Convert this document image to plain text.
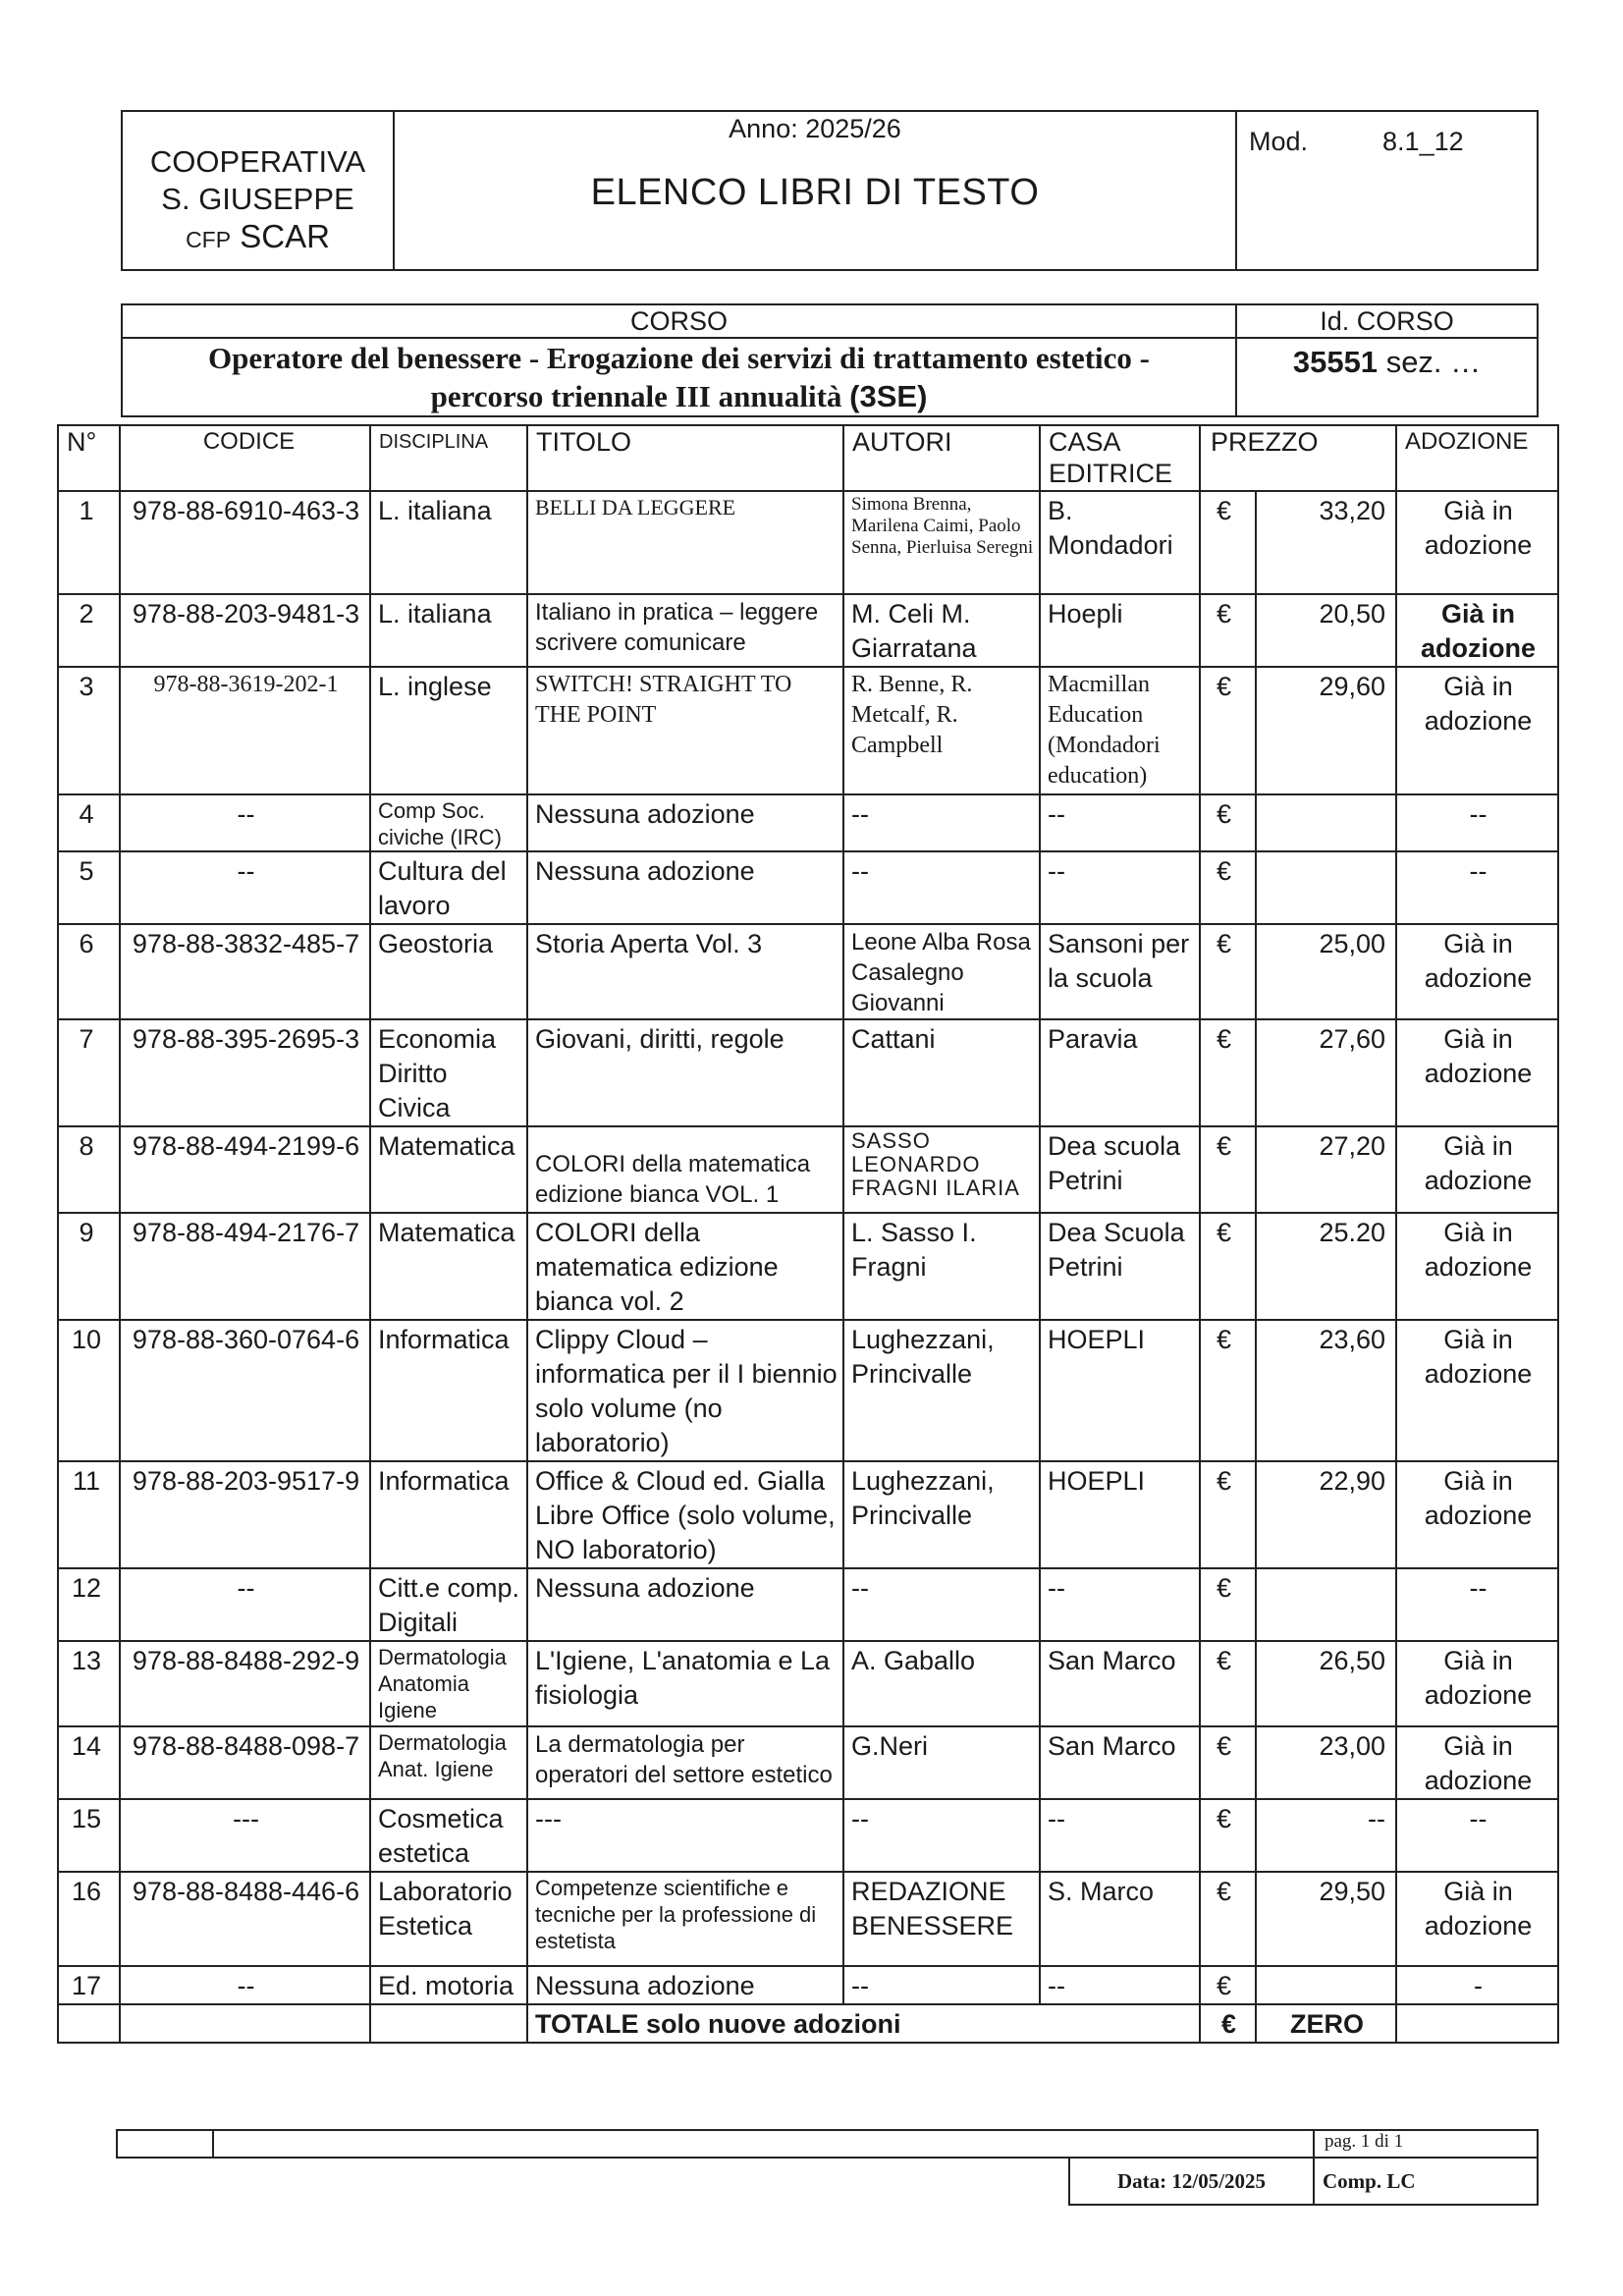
COOPERATIVA
S. GIUSEPPE
CFP SCAR

Anno: 2025/26
ELENCO LIBRI DI TESTO
	Mod.	8.1_12
CORSO	Id. CORSO

Operatore del benessere - Erogazione dei servizi di trattamento estetico -
percorso triennale III annualità (3SE)	35551 sez. …
N°	CODICE	DISCIPLINA	TITOLO	AUTORI	CASA
EDITRICE	PREZZO		ADOZIONE
1	978-88-6910-463-3	L. italiana	BELLI DA LEGGERE	Simona Brenna, Marilena Caimi, Paolo Senna, Pierluisa Seregni	B. Mondadori	€	33,20	Già in adozione
2	978-88-203-9481-3	L. italiana	Italiano in pratica – leggere scrivere comunicare	M. Celi M. Giarratana	Hoepli	€	20,50	Già in adozione
3	978-88-3619-202-1	L. inglese	SWITCH! STRAIGHT TO THE POINT	R. Benne, R. Metcalf, R. Campbell	Macmillan Education (Mondadori education)	€	29,60	Già in adozione
4	--	Comp Soc. civiche (IRC)	Nessuna adozione	--	--	€		--
5	--	Cultura del lavoro	Nessuna adozione	--	--	€		--
6	978-88-3832-485-7	Geostoria	Storia Aperta Vol. 3	Leone Alba Rosa Casalegno Giovanni	Sansoni per la scuola	€	25,00	Già in adozione
7	978-88-395-2695-3	Economia Diritto Civica	Giovani, diritti, regole	Cattani	Paravia	€	27,60	Già in adozione
8	978-88-494-2199-6	Matematica	COLORI della matematica edizione bianca VOL. 1	SASSO LEONARDO FRAGNI ILARIA	Dea scuola Petrini	€	27,20	Già in adozione
9	978-88-494-2176-7	Matematica	COLORI della matematica edizione bianca vol. 2	L. Sasso I. Fragni	Dea Scuola Petrini	€	25.20	Già in adozione
10	978-88-360-0764-6	Informatica	Clippy Cloud – informatica per il I biennio solo volume (no laboratorio)	Lughezzani, Princivalle	HOEPLI	€	23,60	Già in adozione
11	978-88-203-9517-9	Informatica	Office & Cloud ed. Gialla Libre Office (solo volume, NO laboratorio)	Lughezzani, Princivalle	HOEPLI	€	22,90	Già in adozione
12	--	Citt.e comp. Digitali	Nessuna adozione	--	--	€		--
13	978-88-8488-292-9	Dermatologia Anatomia Igiene	L'Igiene, L'anatomia e La fisiologia	A. Gaballo	San Marco	€	26,50	Già in adozione
14	978-88-8488-098-7	Dermatologia Anat. Igiene	La dermatologia per operatori del settore estetico	G.Neri	San Marco	€	23,00	Già in adozione
15	---	Cosmetica estetica	---	--	--	€	--	--
16	978-88-8488-446-6	Laboratorio Estetica	Competenze scientifiche e tecniche per la professione di estetista	REDAZIONE BENESSERE	S. Marco	€	29,50	Già in adozione
17	--	Ed. motoria	Nessuna adozione	--	--	€		-
			TOTALE solo nuove adozioni			€	ZERO	
			pag. 1 di 1
		Data: 12/05/2025	Comp. LC
